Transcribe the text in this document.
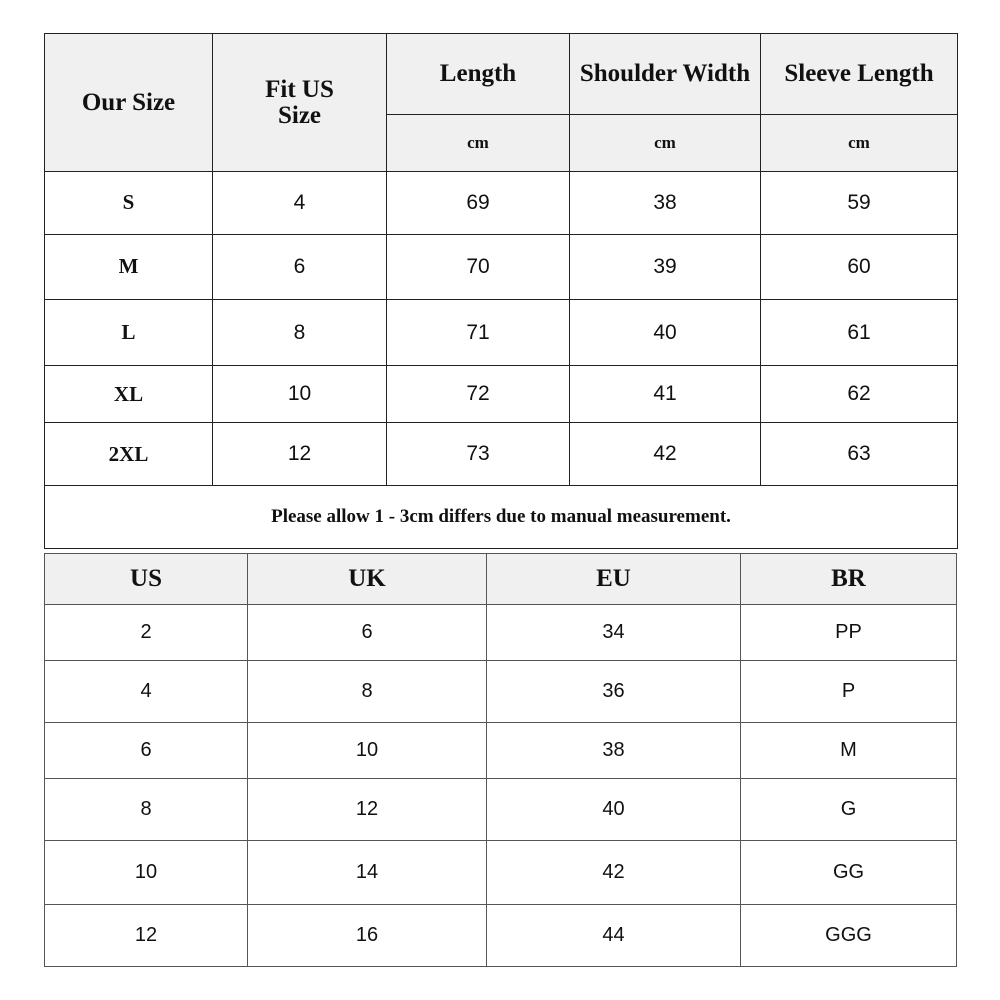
Our Size	Fit US Size	Length	Shoulder Width	Sleeve Length
		cm	cm	cm
S	4	69	38	59
M	6	70	39	60
L	8	71	40	61
XL	10	72	41	62
2XL	12	73	42	63
Please allow 1 - 3cm differs due to manual measurement.				
US	UK	EU	BR
2	6	34	PP
4	8	36	P
6	10	38	M
8	12	40	G
10	14	42	GG
12	16	44	GGG
